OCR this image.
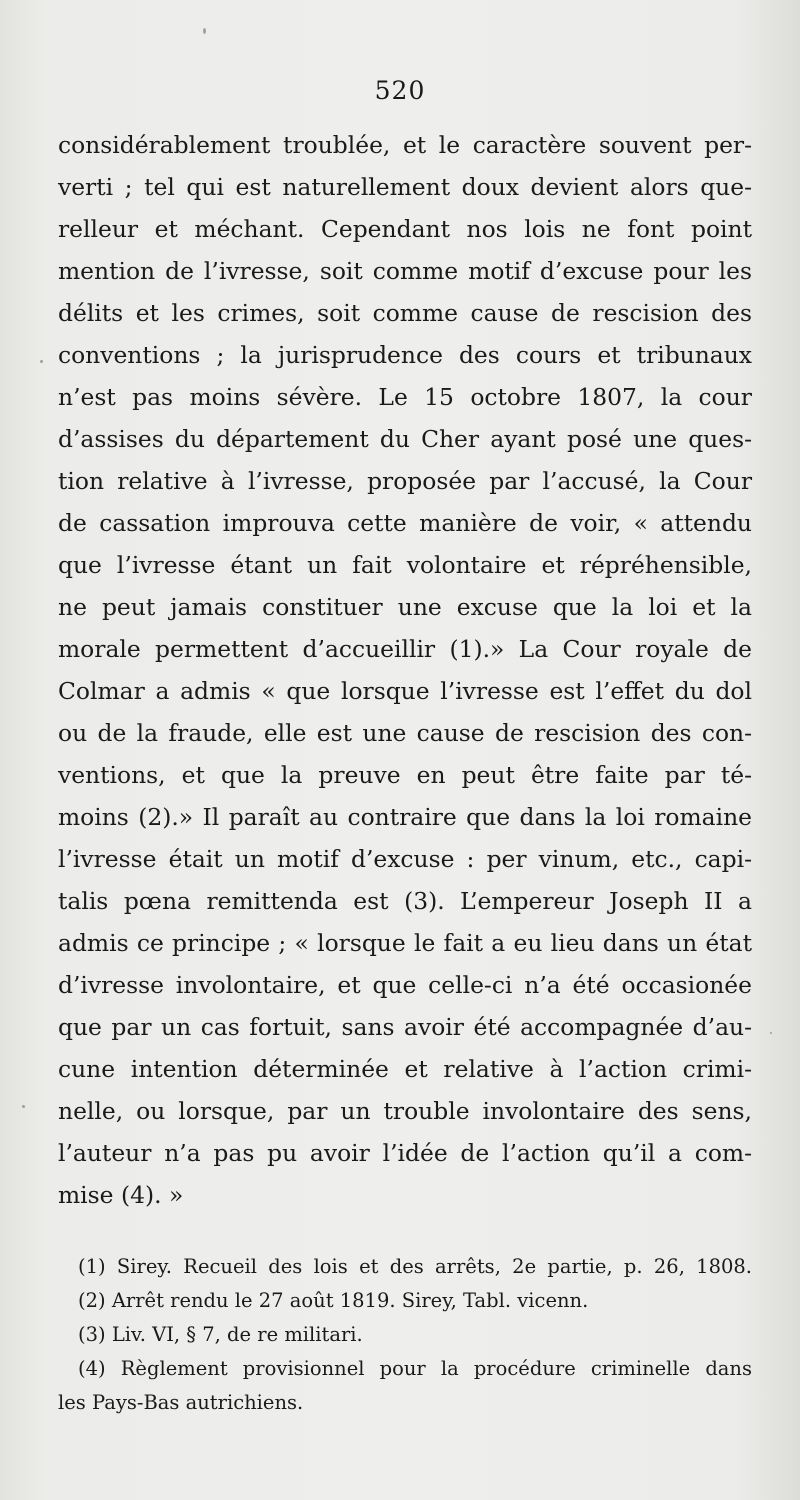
520
considérablement troublée, et le caractère souvent per-
verti ; tel qui est naturellement doux devient alors que-
relleur et méchant. Cependant nos lois ne font point
mention de l’ivresse, soit comme motif d’excuse pour les
délits et les crimes, soit comme cause de rescision des
conventions ; la jurisprudence des cours et tribunaux
n’est pas moins sévère. Le 15 octobre 1807, la cour
d’assises du département du Cher ayant posé une ques-
tion relative à l’ivresse, proposée par l’accusé, la Cour
de cassation improuva cette manière de voir, « attendu
que l’ivresse étant un fait volontaire et répréhensible,
ne peut jamais constituer une excuse que la loi et la
morale permettent d’accueillir (1).» La Cour royale de
Colmar a admis « que lorsque l’ivresse est l’effet du dol
ou de la fraude, elle est une cause de rescision des con-
ventions, et que la preuve en peut être faite par té-
moins (2).» Il paraît au contraire que dans la loi romaine
l’ivresse était un motif d’excuse : per vinum, etc., capi-
talis pœna remittenda est (3). L’empereur Joseph II a
admis ce principe ; « lorsque le fait a eu lieu dans un état
d’ivresse involontaire, et que celle-ci n’a été occasionée
que par un cas fortuit, sans avoir été accompagnée d’au-
cune intention déterminée et relative à l’action crimi-
nelle, ou lorsque, par un trouble involontaire des sens,
l’auteur n’a pas pu avoir l’idée de l’action qu’il a com-
mise (4). »
(1) Sirey. Recueil des lois et des arrêts, 2e partie, p. 26, 1808.
(2) Arrêt rendu le 27 août 1819. Sirey, Tabl. vicenn.
(3) Liv. VI, § 7, de re militari.
(4) Règlement provisionnel pour la procédure criminelle dans
les Pays-Bas autrichiens.
